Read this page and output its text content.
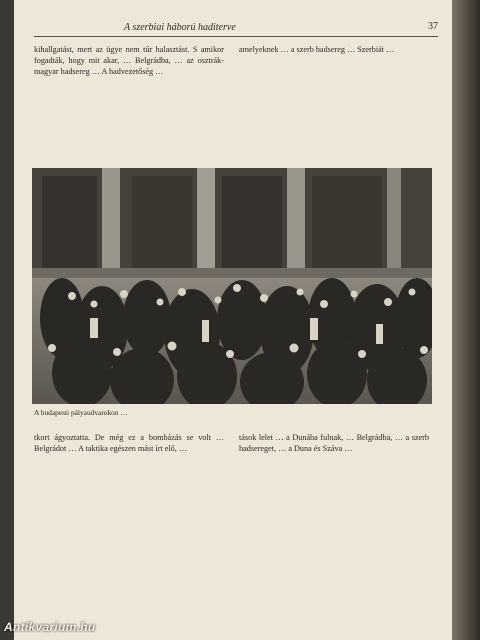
A szerbiai háború haditerve	37
kihallgatást, mert az ügye nem tűr halasztást. S amikor fogadták, hogy mit akar, … Belgrádba, … az osztrák-magyar hadsereg … A hadvezetőség …
amelyeknek … a szerb hadsereg … Szerbiát …
A budapesti pályaudvarokon …
tkort ágyoztatta. De még ez a bombázás se volt … Belgrádot … A taktika egészen mást írt elő, …
tások lelet … a Dunába fulnak, … Belgrádba, … a szerb hadsereget, … a Duna és Száva …
Antikvarium.hu
